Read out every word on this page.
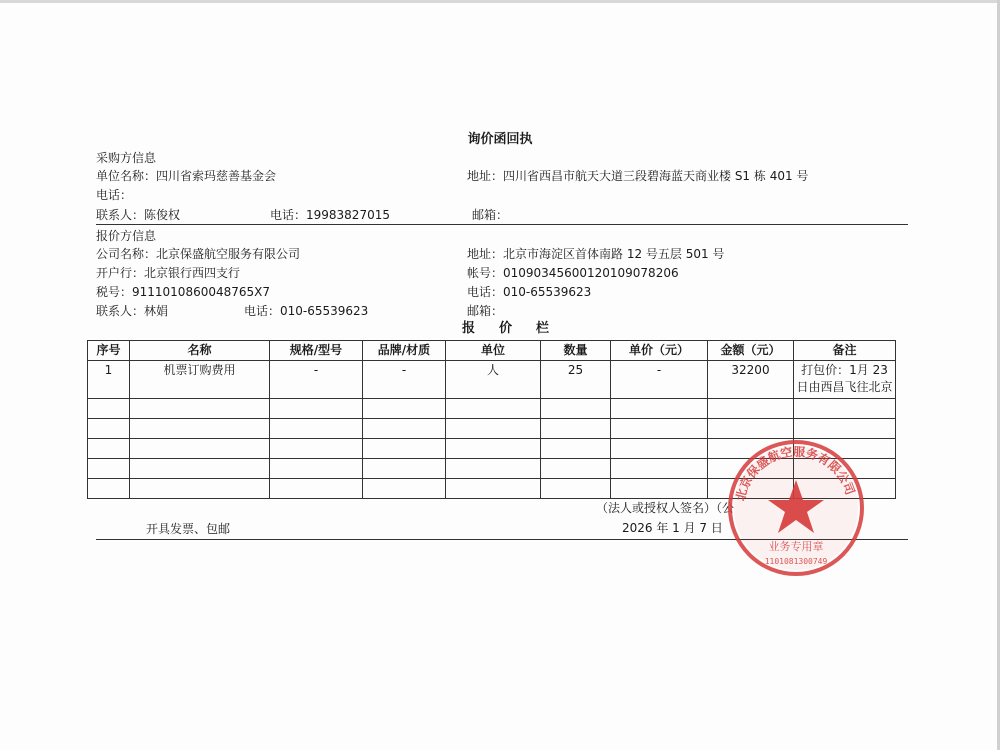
询价函回执
采购方信息
单位名称：四川省索玛慈善基金会	地址：四川省西昌市航天大道三段碧海蓝天商业楼 S1 栋 401 号
电话：
联系人：陈俊权	电话：19983827015	邮箱：
报价方信息
公司名称：北京保盛航空服务有限公司	地址：北京市海淀区首体南路 12 号五层 501 号
开户行：北京银行西四支行	帐号：01090345600120109078206
税号：9111010860048765X7	电话：010-65539623
联系人：林娟	电话：010-65539623	邮箱：
报价栏
序号	名称	规格/型号	品牌/材质	单位	数量	单价（元）	金额（元）	备注
1	机票订购费用	-	-	人	25	-	32200	打包价：1月 23 日由西昌飞往北京

（法人或授权人签名）（公
2026 年 1 月 7 日
开具发票、包邮
北京保盛航空服务有限公司
业务专用章
1101081300749
